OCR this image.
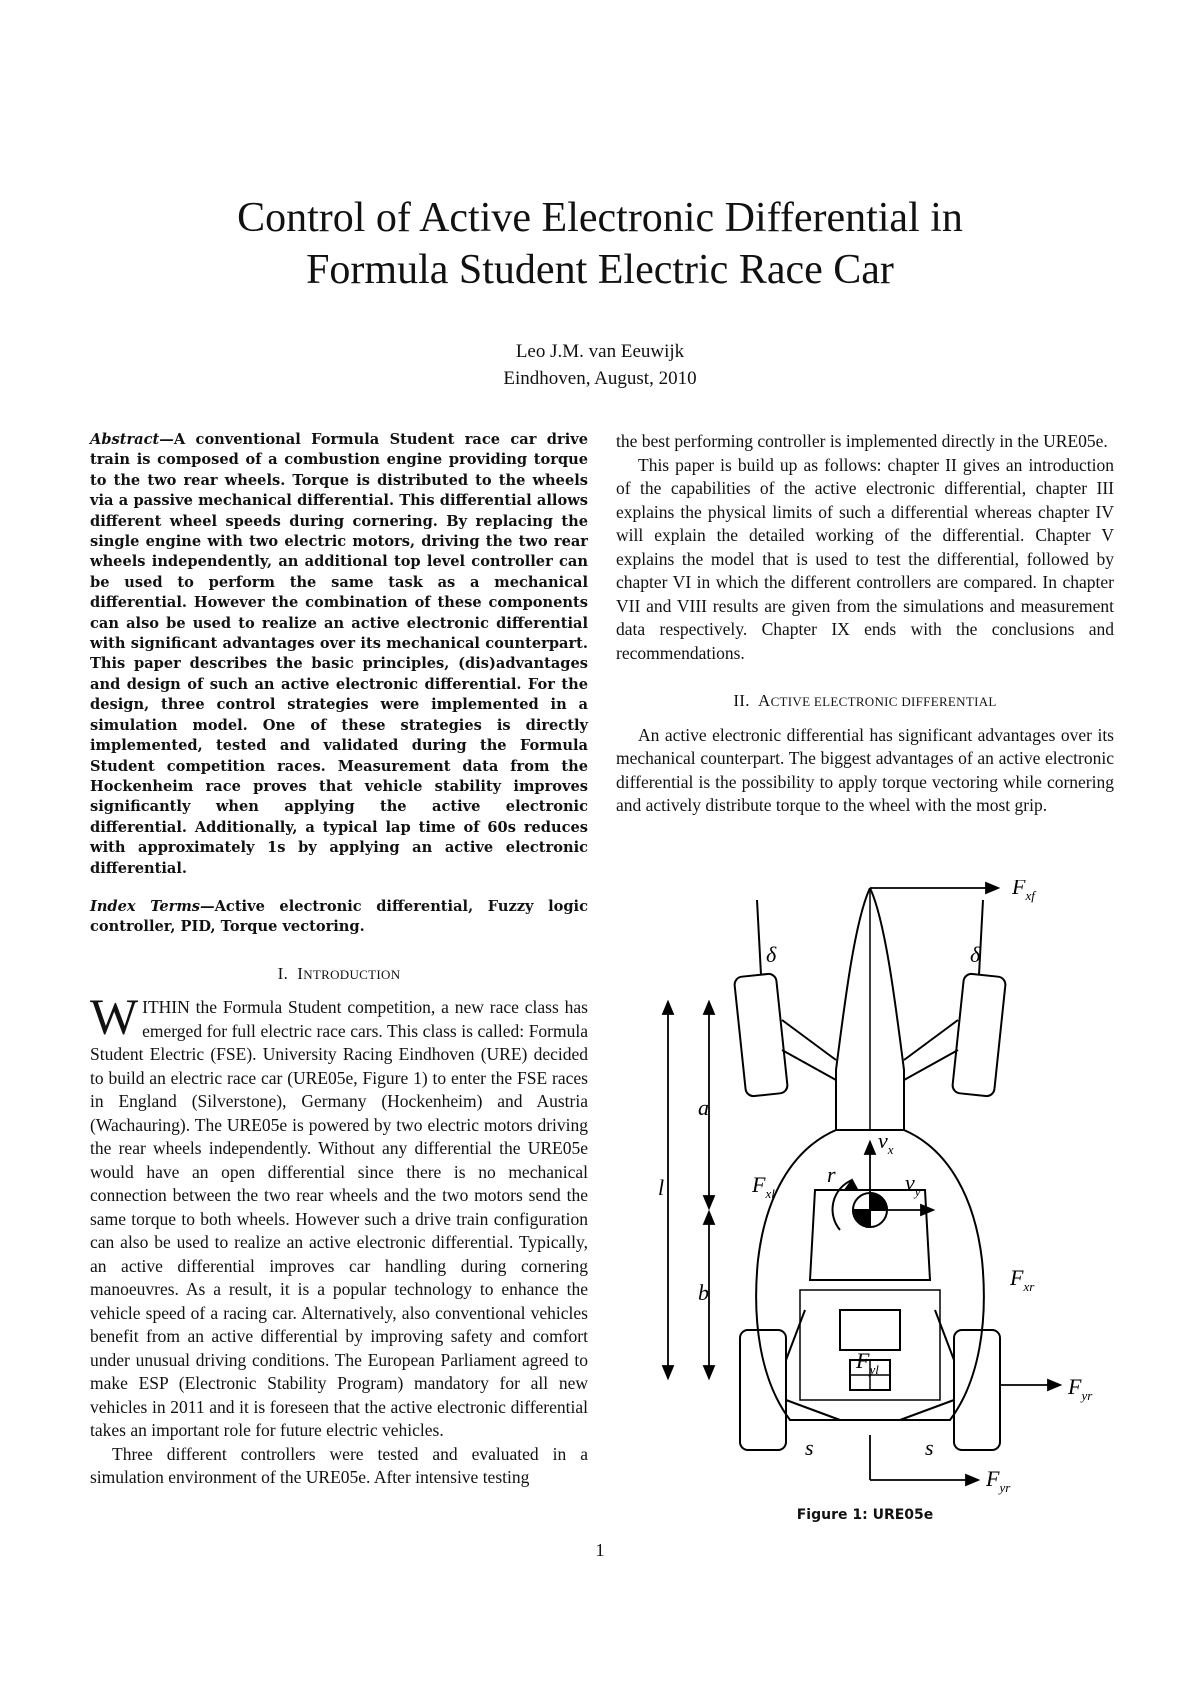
Control of Active Electronic Differential in
Formula Student Electric Race Car
Leo J.M. van Eeuwijk
Eindhoven, August, 2010

Abstract—A conventional Formula Student race car drive train is composed of a combustion engine providing torque to the two rear wheels. Torque is distributed to the wheels via a passive mechanical differential. This differential allows different wheel speeds during cornering. By replacing the single engine with two electric motors, driving the two rear wheels independently, an additional top level controller can be used to perform the same task as a mechanical differential. However the combination of these components can also be used to realize an active electronic differential with significant advantages over its mechanical counterpart. This paper describes the basic principles, (dis)advantages and design of such an active electronic differential. For the design, three control strategies were implemented in a simulation model. One of these strategies is directly implemented, tested and validated during the Formula Student competition races. Measurement data from the Hockenheim race proves that vehicle stability improves significantly when applying the active electronic differential. Additionally, a typical lap time of 60s reduces with approximately 1s by applying an active electronic differential.

Index Terms—Active electronic differential, Fuzzy logic controller, PID, Torque vectoring.

I. INTRODUCTION

WITHIN the Formula Student competition, a new race class has emerged for full electric race cars. This class is called: Formula Student Electric (FSE). University Racing Eindhoven (URE) decided to build an electric race car (URE05e, Figure 1) to enter the FSE races in England (Silverstone), Germany (Hockenheim) and Austria (Wachauring). The URE05e is powered by two electric motors driving the rear wheels independently. Without any differential the URE05e would have an open differential since there is no mechanical connection between the two rear wheels and the two motors send the same torque to both wheels. However such a drive train configuration can also be used to realize an active electronic differential. Typically, an active differential improves car handling during cornering manoeuvres. As a result, it is a popular technology to enhance the vehicle speed of a racing car. Alternatively, also conventional vehicles benefit from an active differential by improving safety and comfort under unusual driving conditions. The European Parliament agreed to make ESP (Electronic Stability Program) mandatory for all new vehicles in 2011 and it is foreseen that the active electronic differential takes an important role for future electric vehicles.

Three different controllers were tested and evaluated in a simulation environment of the URE05e. After intensive testing

the best performing controller is implemented directly in the URE05e.

This paper is build up as follows: chapter II gives an introduction of the capabilities of the active electronic differential, chapter III explains the physical limits of such a differential whereas chapter IV will explain the detailed working of the differential. Chapter V explains the model that is used to test the differential, followed by chapter VI in which the different controllers are compared. In chapter VII and VIII results are given from the simulations and measurement data respectively. Chapter IX ends with the conclusions and recommendations.

II. ACTIVE ELECTRONIC DIFFERENTIAL

An active electronic differential has significant advantages over its mechanical counterpart. The biggest advantages of an active electronic differential is the possibility to apply torque vectoring while cornering and actively distribute torque to the wheel with the most grip.

$F_{xf}$
δ	δ
a
b
l
$v_x$
$v_y$
r
$F_{xl}$
$F_{xr}$
$F_{yl}$
$F_{yr}$
$F_{yr}$
s	s
Figure 1: URE05e
1
